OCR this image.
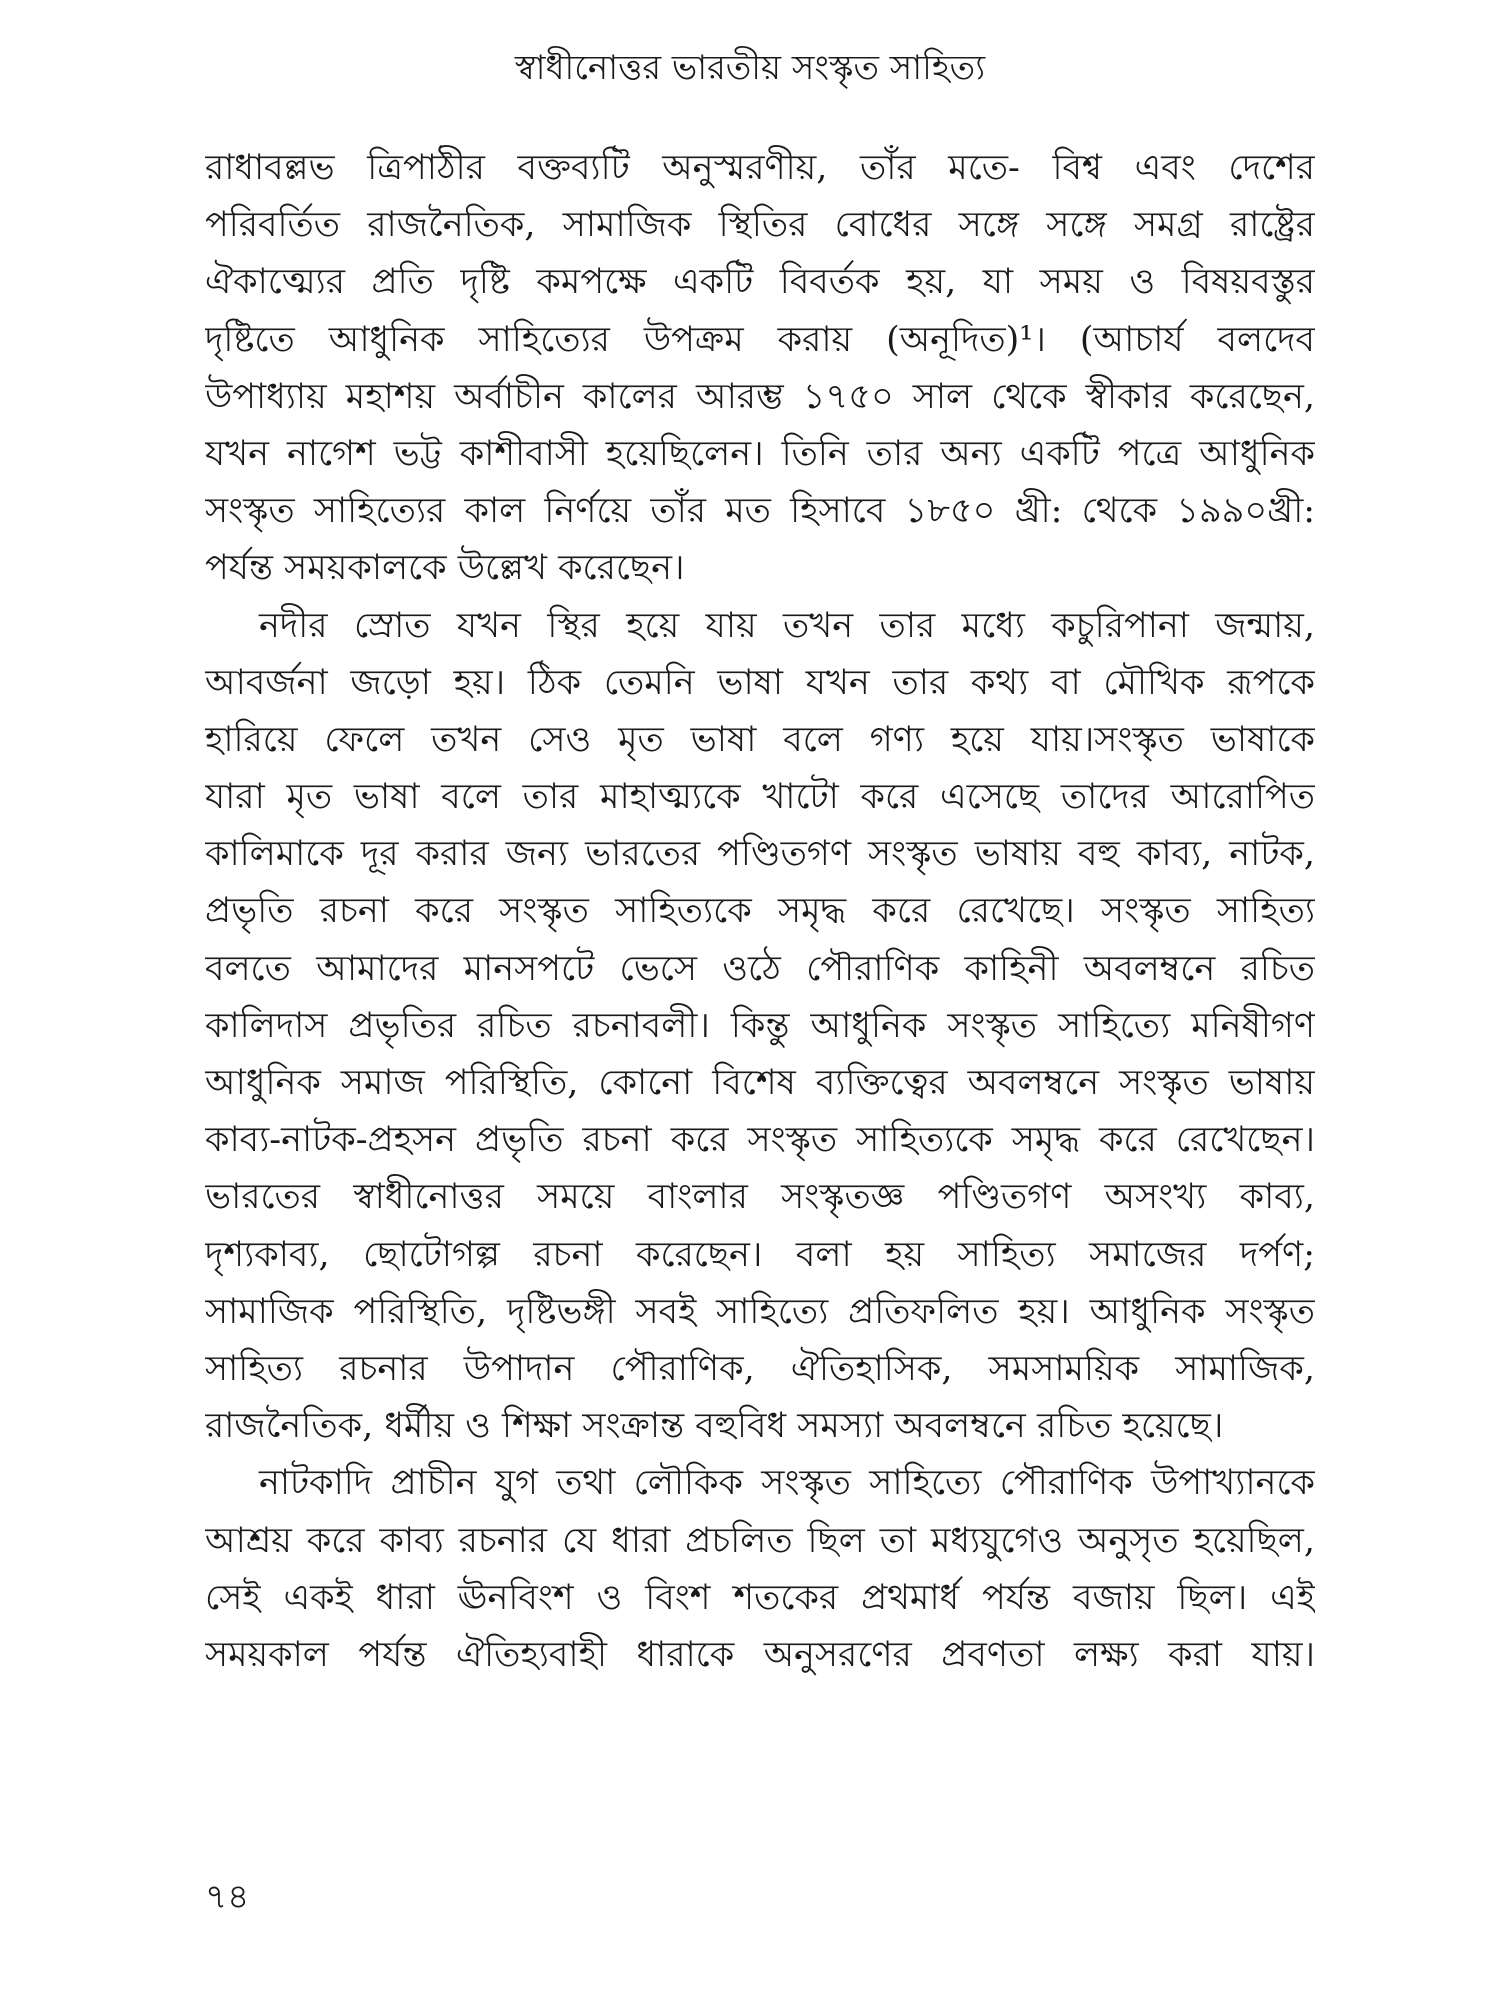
স্বাধীনোত্তর ভারতীয় সংস্কৃত সাহিত্য
রাধাবল্লভ ত্রিপাঠীর বক্তব্যটি অনুস্মরণীয়, তাঁর মতে- বিশ্ব এবং দেশের
পরিবর্তিত রাজনৈতিক, সামাজিক স্থিতির বোধের সঙ্গে সঙ্গে সমগ্র রাষ্ট্রের
ঐকাত্ম্যের প্রতি দৃষ্টি কমপক্ষে একটি বিবর্তক হয়, যা সময় ও বিষয়বস্তুর
দৃষ্টিতে আধুনিক সাহিত্যের উপক্রম করায় (অনূদিত)¹। (আচার্য বলদেব
উপাধ্যায় মহাশয় অর্বাচীন কালের আরম্ভ ১৭৫০ সাল থেকে স্বীকার করেছেন,
যখন নাগেশ ভট্ট কাশীবাসী হয়েছিলেন। তিনি তার অন্য একটি পত্রে আধুনিক
সংস্কৃত সাহিত্যের কাল নির্ণয়ে তাঁর মত হিসাবে ১৮৫০ খ্রী: থেকে ১৯৯০খ্রী:
পর্যন্ত সময়কালকে উল্লেখ করেছেন।
নদীর স্রোত যখন স্থির হয়ে যায় তখন তার মধ্যে কচুরিপানা জন্মায়,
আবর্জনা জড়ো হয়। ঠিক তেমনি ভাষা যখন তার কথ্য বা মৌখিক রূপকে
হারিয়ে ফেলে তখন সেও মৃত ভাষা বলে গণ্য হয়ে যায়।সংস্কৃত ভাষাকে
যারা মৃত ভাষা বলে তার মাহাত্ম্যকে খাটো করে এসেছে তাদের আরোপিত
কালিমাকে দূর করার জন্য ভারতের পণ্ডিতগণ সংস্কৃত ভাষায় বহু কাব্য, নাটক,
প্রভৃতি রচনা করে সংস্কৃত সাহিত্যকে সমৃদ্ধ করে রেখেছে। সংস্কৃত সাহিত্য
বলতে আমাদের মানসপটে ভেসে ওঠে পৌরাণিক কাহিনী অবলম্বনে রচিত
কালিদাস প্রভৃতির রচিত রচনাবলী। কিন্তু আধুনিক সংস্কৃত সাহিত্যে মনিষীগণ
আধুনিক সমাজ পরিস্থিতি, কোনো বিশেষ ব্যক্তিত্বের অবলম্বনে সংস্কৃত ভাষায়
কাব্য-নাটক-প্রহসন প্রভৃতি রচনা করে সংস্কৃত সাহিত্যকে সমৃদ্ধ করে রেখেছেন।
ভারতের স্বাধীনোত্তর সময়ে বাংলার সংস্কৃতজ্ঞ পণ্ডিতগণ অসংখ্য কাব্য,
দৃশ্যকাব্য, ছোটোগল্প রচনা করেছেন। বলা হয় সাহিত্য সমাজের দর্পণ;
সামাজিক পরিস্থিতি, দৃষ্টিভঙ্গী সবই সাহিত্যে প্রতিফলিত হয়। আধুনিক সংস্কৃত
সাহিত্য রচনার উপাদান পৌরাণিক, ঐতিহাসিক, সমসাময়িক সামাজিক,
রাজনৈতিক, ধর্মীয় ও শিক্ষা সংক্রান্ত বহুবিধ সমস্যা অবলম্বনে রচিত হয়েছে।
নাটকাদি প্রাচীন যুগ তথা লৌকিক সংস্কৃত সাহিত্যে পৌরাণিক উপাখ্যানকে
আশ্রয় করে কাব্য রচনার যে ধারা প্রচলিত ছিল তা মধ্যযুগেও অনুসৃত হয়েছিল,
সেই একই ধারা ঊনবিংশ ও বিংশ শতকের প্রথমার্ধ পর্যন্ত বজায় ছিল। এই
সময়কাল পর্যন্ত ঐতিহ্যবাহী ধারাকে অনুসরণের প্রবণতা লক্ষ্য করা যায়।
৭৪
